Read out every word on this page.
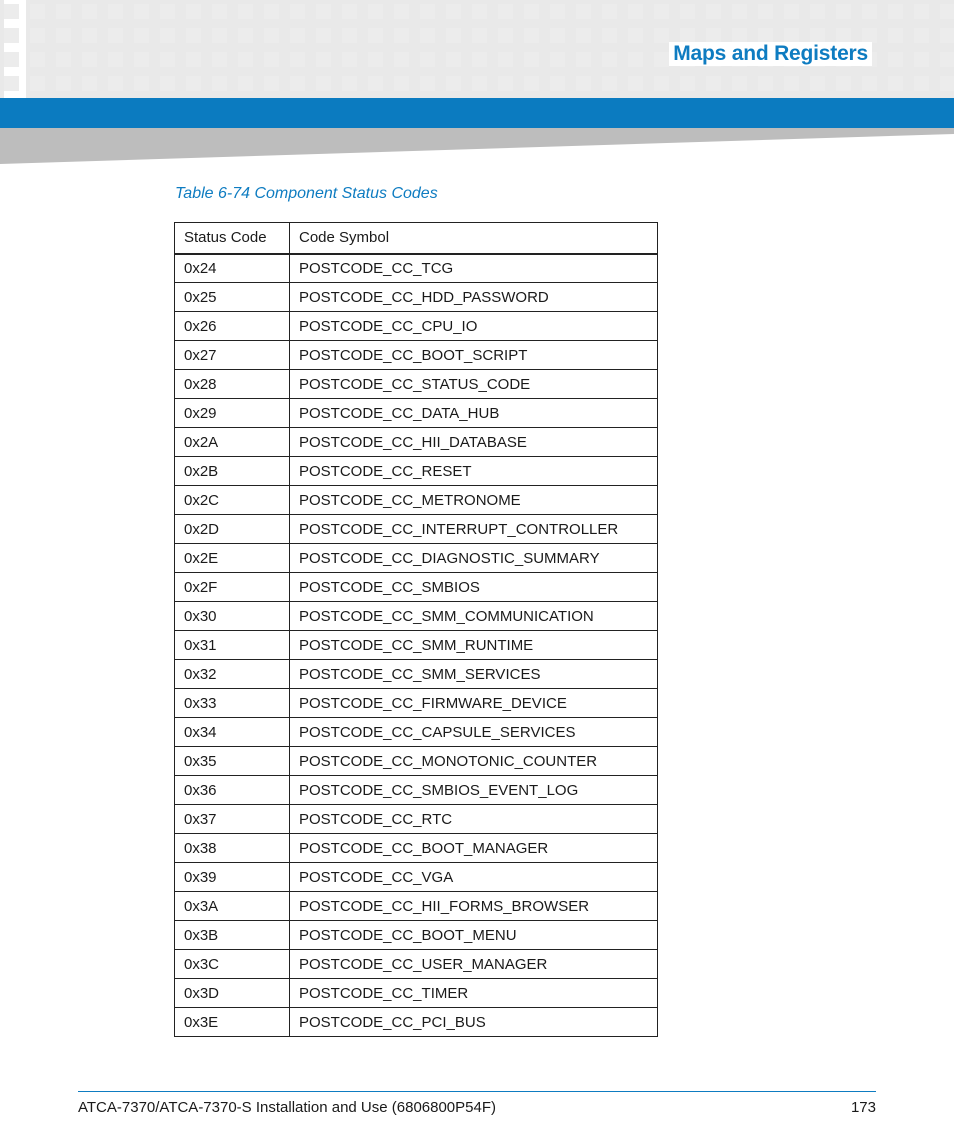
Maps and Registers
Table 6-74 Component Status Codes
Status Code	Code Symbol
0x24	POSTCODE_CC_TCG
0x25	POSTCODE_CC_HDD_PASSWORD
0x26	POSTCODE_CC_CPU_IO
0x27	POSTCODE_CC_BOOT_SCRIPT
0x28	POSTCODE_CC_STATUS_CODE
0x29	POSTCODE_CC_DATA_HUB
0x2A	POSTCODE_CC_HII_DATABASE
0x2B	POSTCODE_CC_RESET
0x2C	POSTCODE_CC_METRONOME
0x2D	POSTCODE_CC_INTERRUPT_CONTROLLER
0x2E	POSTCODE_CC_DIAGNOSTIC_SUMMARY
0x2F	POSTCODE_CC_SMBIOS
0x30	POSTCODE_CC_SMM_COMMUNICATION
0x31	POSTCODE_CC_SMM_RUNTIME
0x32	POSTCODE_CC_SMM_SERVICES
0x33	POSTCODE_CC_FIRMWARE_DEVICE
0x34	POSTCODE_CC_CAPSULE_SERVICES
0x35	POSTCODE_CC_MONOTONIC_COUNTER
0x36	POSTCODE_CC_SMBIOS_EVENT_LOG
0x37	POSTCODE_CC_RTC
0x38	POSTCODE_CC_BOOT_MANAGER
0x39	POSTCODE_CC_VGA
0x3A	POSTCODE_CC_HII_FORMS_BROWSER
0x3B	POSTCODE_CC_BOOT_MENU
0x3C	POSTCODE_CC_USER_MANAGER
0x3D	POSTCODE_CC_TIMER
0x3E	POSTCODE_CC_PCI_BUS
ATCA-7370/ATCA-7370-S Installation and Use (6806800P54F)	173
